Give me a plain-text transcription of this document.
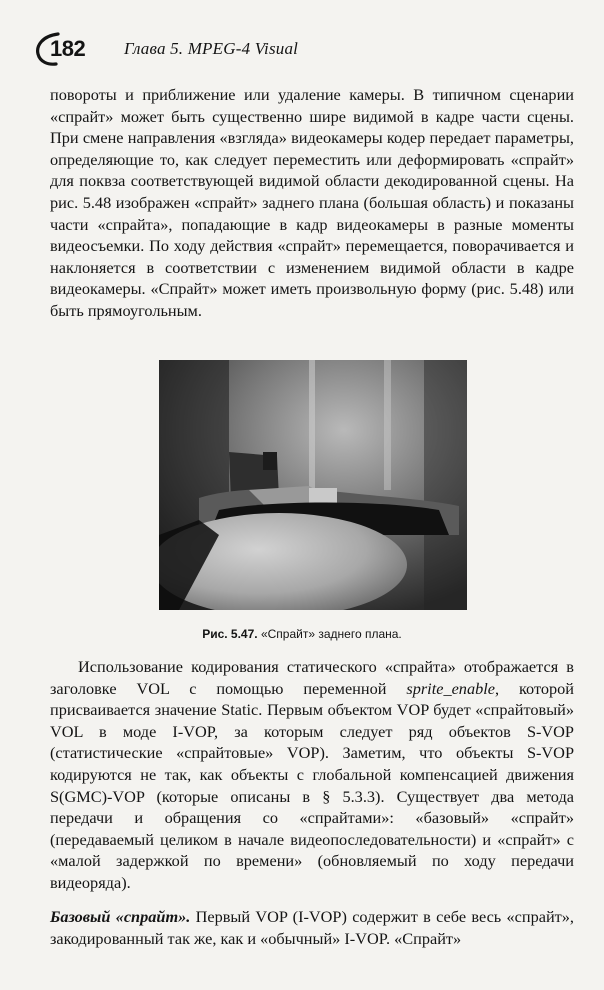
182 Глава 5. MPEG-4 Visual
повороты и приближение или удаление камеры. В типичном сценарии «спрайт» может быть существенно шире видимой в кадре части сцены. При смене направления «взгляда» видеокамеры кодер передает параметры, определяющие то, как следует переместить или деформировать «спрайт» для поквза соответствующей видимой области декодированной сцены. На рис. 5.48 изображен «спрайт» заднего плана (большая область) и показаны части «спрайта», попадающие в кадр видеокамеры в разные моменты видеосъемки. По ходу действия «спрайт» перемещается, поворачивается и наклоняется в соответствии с изменением видимой области в кадре видеокамеры. «Спрайт» может иметь произвольную форму (рис. 5.48) или быть прямоугольным.
Рис. 5.47. «Спрайт» заднего плана.
Использование кодирования статического «спрайта» отображается в заголовке VOL с помощью переменной sprite_enable, которой присваивается значение Static. Первым объектом VOP будет «спрайтовый» VOL в моде I-VOP, за которым следует ряд объектов S-VOP (статистические «спрайтовые» VOP). Заметим, что объекты S-VOP кодируются не так, как объекты с глобальной компенсацией движения S(GMC)-VOP (которые описаны в § 5.3.3). Существует два метода передачи и обращения со «спрайтами»: «базовый» «спрайт» (передаваемый целиком в начале видеопоследовательности) и «спрайт» с «малой задержкой по времени» (обновляемый по ходу передачи видеоряда).
Базовый «спрайт». Первый VOP (I-VOP) содержит в себе весь «спрайт», закодированный так же, как и «обычный» I-VOP. «Спрайт»
